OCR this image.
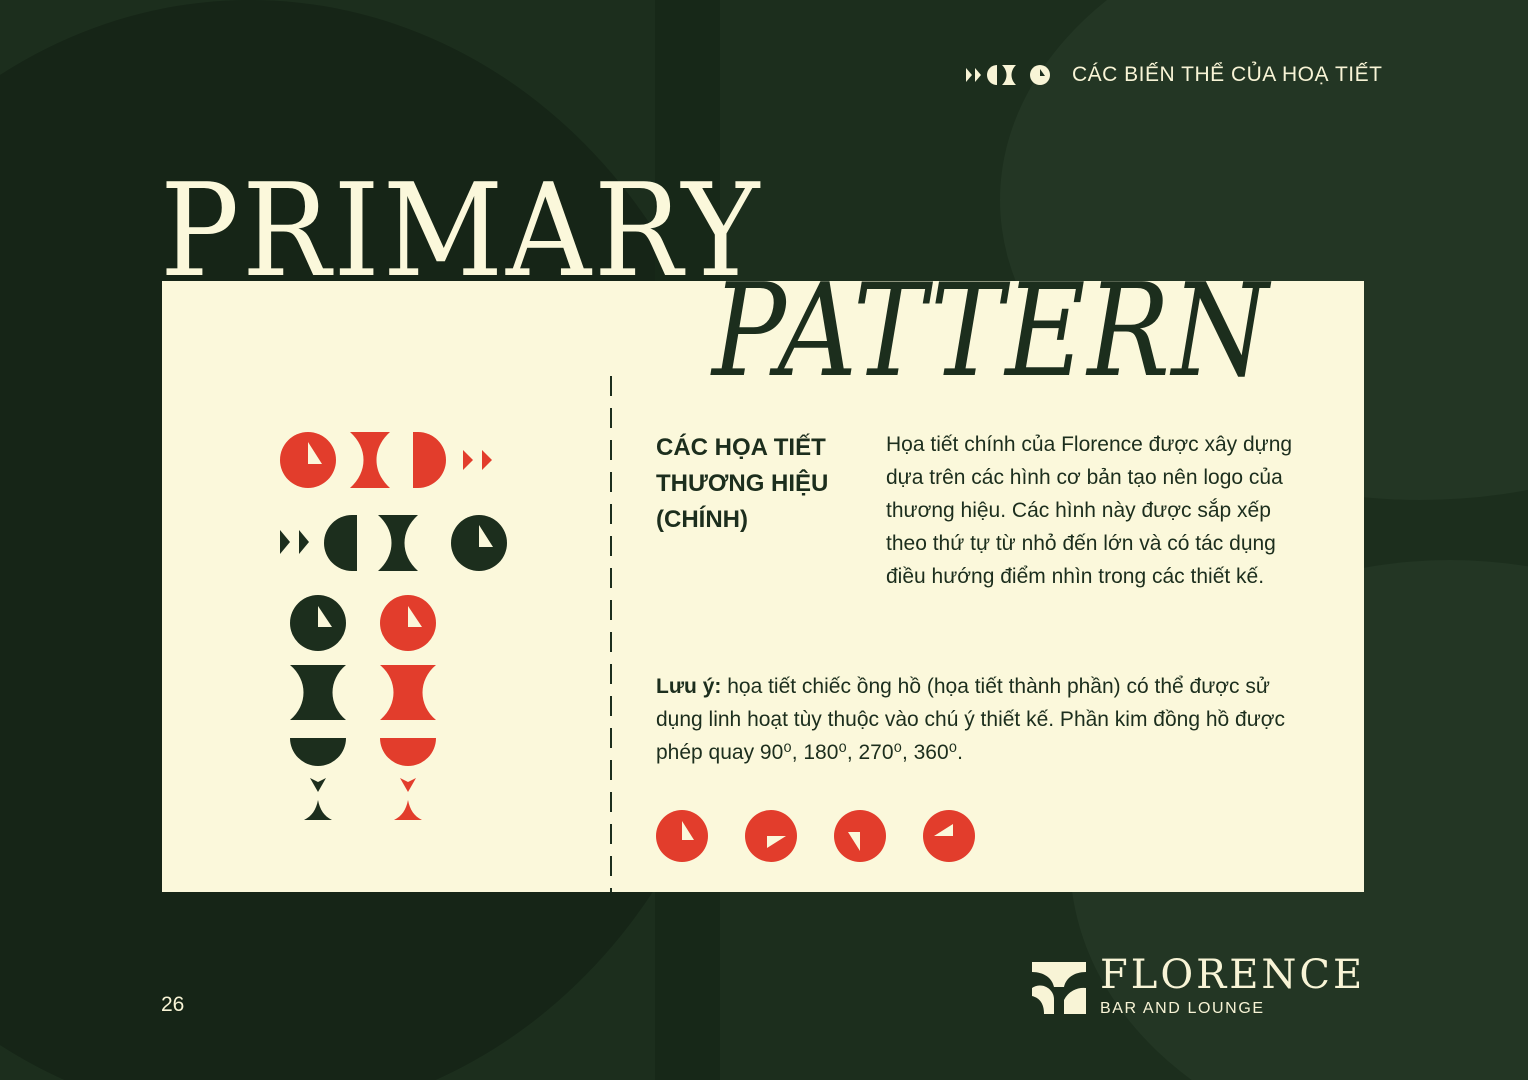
CÁC BIẾN THỂ CỦA HOẠ TIẾT
PRIMARY
PATTERN
CÁC HỌA TIẾT THƯƠNG HIỆU (CHÍNH)
Họa tiết chính của Florence được xây dựng dựa trên các hình cơ bản tạo nên logo của thương hiệu. Các hình này được sắp xếp theo thứ tự từ nhỏ đến lớn và có tác dụng điều hướng điểm nhìn trong các thiết kế.
Lưu ý: họa tiết chiếc ồng hồ (họa tiết thành phần) có thể được sử dụng linh hoạt tùy thuộc vào chú ý thiết kế. Phần kim đồng hồ được phép quay 90⁰, 180⁰, 270⁰, 360⁰.
26
FLORENCE
BAR AND LOUNGE
